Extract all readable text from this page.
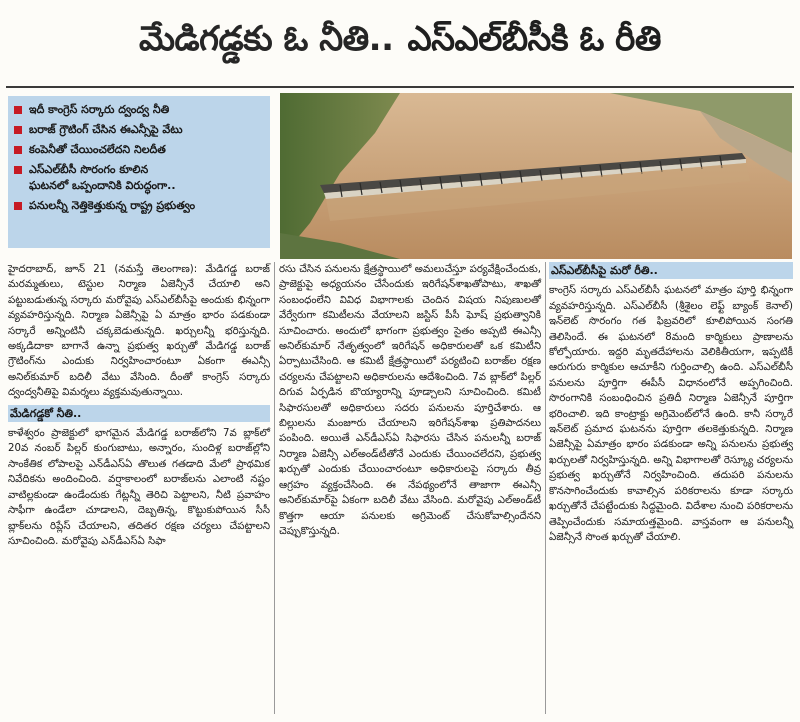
మేడిగడ్డకు ఓ నీతి.. ఎస్‌ఎల్‌బీసీకి ఓ రీతి
ఇదీ కాంగ్రెస్‌ సర్కారు ద్వంద్వ నీతి
బరాజ్‌ గ్రౌటింగ్‌ చేసిన ఈఎన్సీపై వేటు
కంపెనీతో చేయించలేదని నిలదీత
ఎస్‌ఎల్‌బీసీ సొరంగం కూలిన
ఘటనలో ఒప్పందానికి విరుద్ధంగా..
పనులన్నీ నెత్తికెత్తుకున్న రాష్ట్ర ప్రభుత్వం

హైదరాబాద్‌, జూన్‌ 21 (నమస్తే తెలంగాణ): మేడిగడ్డ బరాజ్‌ మరమ్మతులు, టెస్టుల నిర్మాణ ఏజెన్సీనే చేయాలి అని పట్టుబడుతున్న సర్కారు మరోవైపు ఎస్‌ఎల్‌బీసీపై అందుకు భిన్నంగా వ్యవహరిస్తున్నది. నిర్మాణ ఏజెన్సీపై ఏ మాత్రం భారం పడకుండా సర్కారే అన్నింటినీ చక్కబెడుతున్నది. ఖర్చులన్నీ భరిస్తున్నది. అక్కడిదాకా బాగానే ఉన్నా ప్రభుత్వ ఖర్చుతో మేడిగడ్డ బరాజ్‌ గ్రౌటింగ్‌ను ఎందుకు నిర్వహించారంటూ ఏకంగా ఈఎన్సీ అనిల్‌కుమార్‌ బదిలీ వేటు వేసింది. దీంతో కాంగ్రెస్‌ సర్కారు ద్వంద్వనీతిపై విమర్శలు వ్యక్తమవుతున్నాయి.

మేడిగడ్డకో నీతి..

కాళేశ్వరం ప్రాజెక్టులో భాగమైన మేడిగడ్డ బరాజ్‌లోని 7వ బ్లాక్‌లో 20వ నంబర్‌ పిల్లర్‌ కుంగుబాటు, అన్నారం, సుందిళ్ల బరాజ్‌ల్లోని సాంకేతిక లోపాలపై ఎన్‌డీఎస్‌ఏ తొలుత గతడాది మేలో ప్రాథమిక నివేదికను అందించింది. వర్షాకాలంలో బరాజ్‌లను ఎలాంటి నష్టం వాటిల్లకుండా ఉండేందుకు గేట్లన్నీ తెరిచి పెట్టాలని, నీటి ప్రవాహం సాఫీగా ఉండేలా చూడాలని, దెబ్బతిన్న, కొట్టుకుపోయిన సీసీ బ్లాక్‌లను రిప్లేస్‌ చేయాలని, తదితర రక్షణ చర్యలు చేపట్టాలని సూచించింది. మరోవైపు ఎన్‌డీఎస్‌ఏ సిఫా

రసు చేసిన పనులను క్షేత్రస్థాయిలో అమలుచేస్తూ పర్యవేక్షించేందుకు, ప్రాజెక్టుపై అధ్యయనం చేసేందుకు ఇరిగేషన్‌శాఖతోపాటు, శాఖతో సంబంధంలేని వివిధ విభాగాలకు చెందిన విషయ నిపుణులతో వేర్వేరుగా కమిటీలను వేయాలని జస్టిస్‌ పీసీ ఘోష్‌ ప్రభుత్వానికి సూచించారు. అందులో భాగంగా ప్రభుత్వం సైతం అప్పటి ఈఎన్సీ అనిల్‌కుమార్‌ నేతృత్వంలో ఇరిగేషన్‌ అధికారులతో ఒక కమిటీని ఏర్పాటుచేసింది. ఆ కమిటీ క్షేత్రస్థాయిలో పర్యటించి బరాజ్‌ల రక్షణ చర్యలను చేపట్టాలని అధికారులను ఆదేశించింది. 7వ బ్లాక్‌లో పిల్లర్‌ దిగువ ఏర్పడిన బొయ్యారాన్ని పూడ్చాలని సూచించింది. కమిటీ సిఫారసులతో అధికారులు సదరు పనులను పూర్తిచేశారు. ఆ బిల్లులను మంజూరు చేయాలని ఇరిగేషన్‌శాఖ ప్రతిపాదనలు పంపింది. అయితే ఎన్‌డీఎస్‌ఏ సిఫారసు చేసిన పనులన్నీ బరాజ్‌ నిర్మాణ ఏజెన్సీ ఎల్‌అండ్‌టీతోనే ఎందుకు చేయించలేదని, ప్రభుత్వ ఖర్చుతో ఎందుకు చేయించారంటూ అధికారులపై సర్కారు తీవ్ర ఆగ్రహం వ్యక్తంచేసింది. ఈ నేపథ్యంలోనే తాజాగా ఈఎన్సీ అనిల్‌కుమార్‌పై ఏకంగా బదిలీ వేటు వేసింది. మరోవైపు ఎల్‌అండ్‌టీ కొత్తగా ఆయా పనులకు అగ్రిమెంట్‌ చేసుకోవాల్సిందేనని చెప్పుకొస్తున్నది.

ఎస్‌ఎల్‌బీసీపై మరో రీతి..

కాంగ్రెస్‌ సర్కారు ఎస్‌ఎల్‌బీసీ ఘటనలో మాత్రం పూర్తి భిన్నంగా వ్యవహరిస్తున్నది. ఎస్‌ఎల్‌బీసీ (శ్రీశైలం లెఫ్ట్‌ బ్యాంక్‌ కెనాల్‌) ఇన్‌లెట్‌ సొరంగం గత ఫిబ్రవరిలో కూలిపోయిన సంగతి తెలిసిందే. ఈ ఘటనలో 8మంది కార్మికులు ప్రాణాలను కోల్పోయారు. ఇద్దరి మృతదేహాలను వెలికితీయగా, ఇప్పటికీ ఆరుగురు కార్మికుల ఆచూకీని గుర్తించాల్సి ఉంది. ఎస్‌ఎల్‌బీసీ పనులను పూర్తిగా ఈపీసీ విధానంలోనే అప్పగించింది. సొరంగానికి సంబంధించిన ప్రతిదీ నిర్మాణ ఏజెన్సీనే పూర్తిగా భరించాలి. ఇది కాంట్రాక్టు అగ్రిమెంట్‌లోనే ఉంది. కానీ సర్కారే ఇన్‌లెట్‌ ప్రమాద ఘటనను పూర్తిగా తలకెత్తుకున్నది. నిర్మాణ ఏజెన్సీపై ఏమాత్రం భారం పడకుండా అన్ని పనులను ప్రభుత్వ ఖర్చులతో నిర్వహిస్తున్నది. అన్ని విభాగాలతో రెస్క్యూ చర్యలను ప్రభుత్వ ఖర్చుతోనే నిర్వహించింది. తదుపరి పనులను కొనసాగించేందుకు కావాల్సిన పరికరాలను కూడా సర్కారు ఖర్చుతోనే చేపట్టేందుకు సిద్ధమైంది. విదేశాల నుంచి పరికరాలను తెప్పించేందుకు సమాయత్తమైంది. వాస్తవంగా ఆ పనులన్నీ ఏజెన్సీనే సొంత ఖర్చుతో చేయాలి.
